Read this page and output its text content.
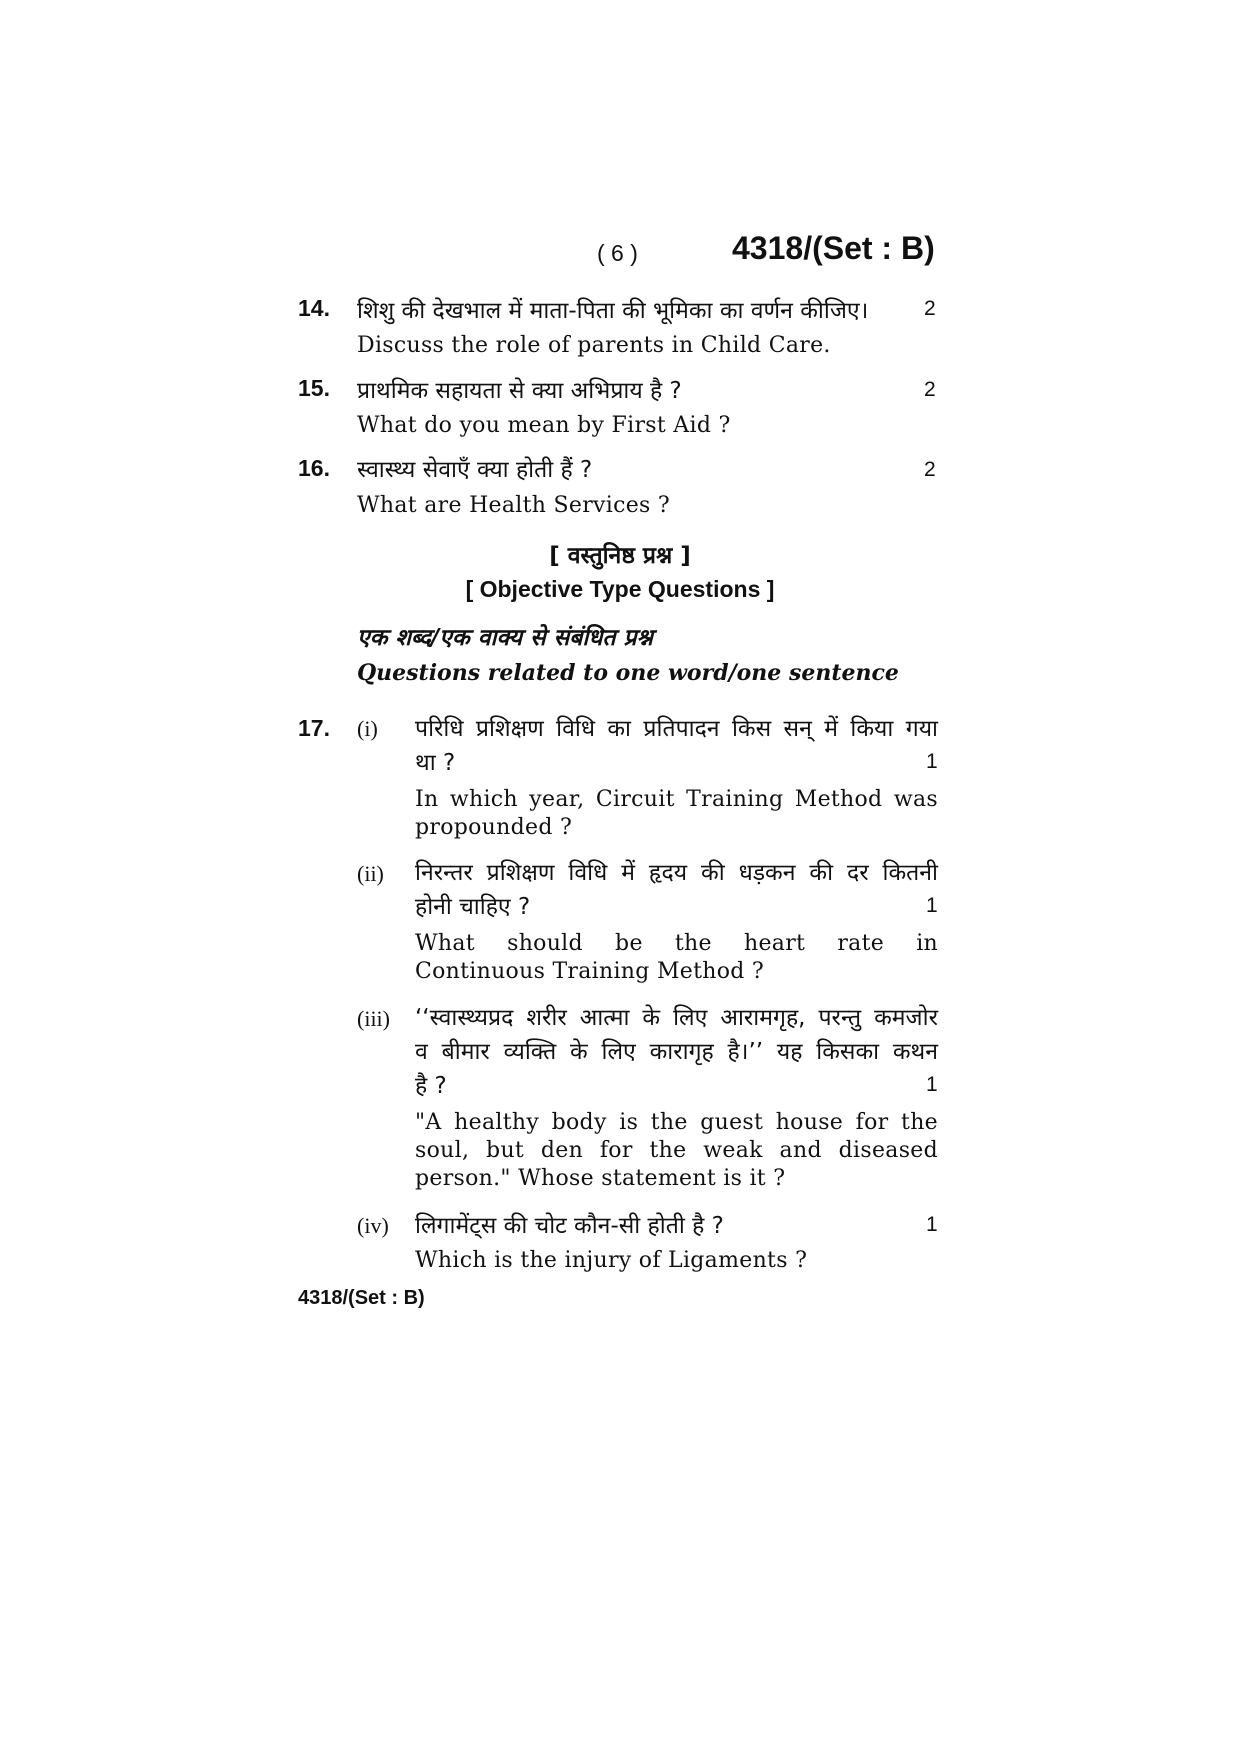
( 6 )	4318/(Set : B)
14. शिशु की देखभाल में माता-पिता की भूमिका का वर्णन कीजिए।	2
Discuss the role of parents in Child Care.
15. प्राथमिक सहायता से क्या अभिप्राय है ?	2
What do you mean by First Aid ?
16. स्वास्थ्य सेवाएँ क्या होती हैं ?	2
What are Health Services ?
[ वस्तुनिष्ठ प्रश्न ]
[ Objective Type Questions ]
एक शब्द/एक वाक्य से संबंधित प्रश्न
Questions related to one word/one sentence
17. (i) परिधि प्रशिक्षण विधि का प्रतिपादन किस सन् में किया गया
था ?	1
In which year, Circuit Training Method was
propounded ?
(ii) निरन्तर प्रशिक्षण विधि में हृदय की धड़कन की दर कितनी
होनी चाहिए ?	1
What should be the heart rate in
Continuous Training Method ?
(iii) ‘‘स्वास्थ्यप्रद शरीर आत्मा के लिए आरामगृह, परन्तु कमजोर
व बीमार व्यक्ति के लिए कारागृह है।’’ यह किसका कथन
है ?	1
"A healthy body is the guest house for the
soul, but den for the weak and diseased
person." Whose statement is it ?
(iv) लिगामेंट्स की चोट कौन-सी होती है ?	1
Which is the injury of Ligaments ?
4318/(Set : B)
